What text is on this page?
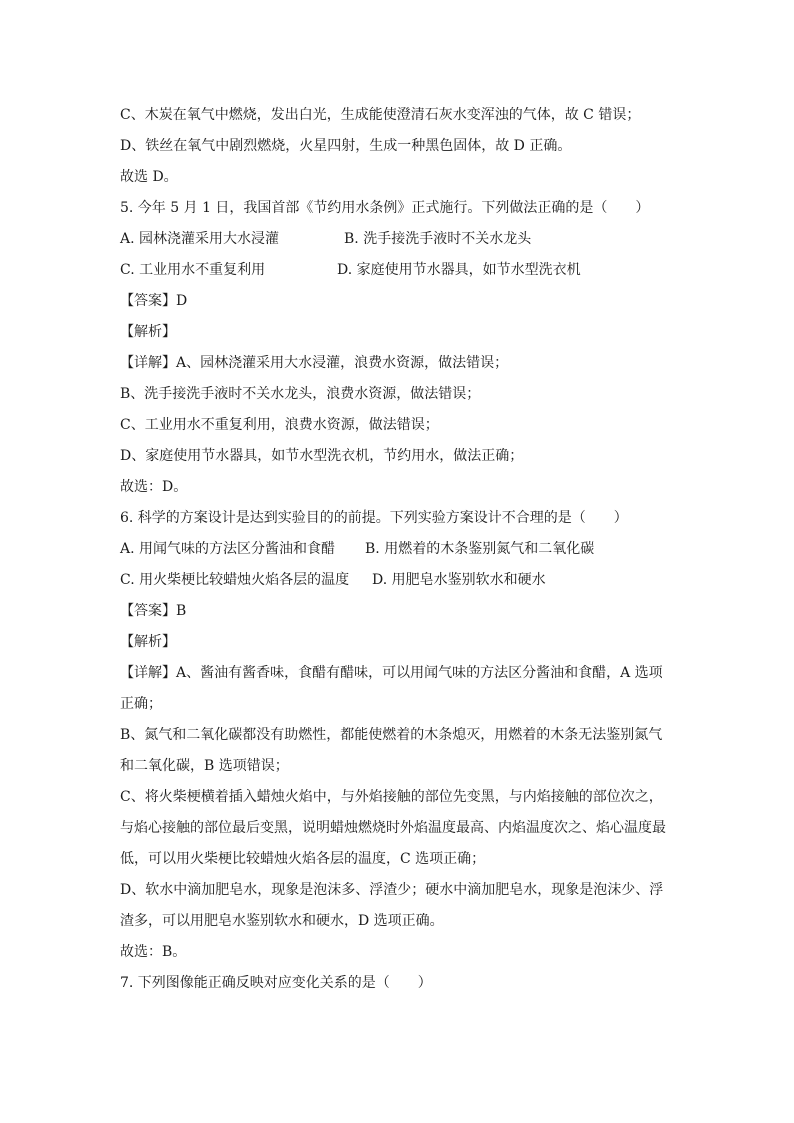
C、木炭在氧气中燃烧，发出白光，生成能使澄清石灰水变浑浊的气体，故 C 错误；
D、铁丝在氧气中剧烈燃烧，火星四射，生成一种黑色固体，故 D 正确。
故选 D。
5. 今年 5 月 1 日，我国首部《节约用水条例》正式施行。下列做法正确的是（　　）
A. 园林浇灌采用大水浸灌	B. 洗手接洗手液时不关水龙头
C. 工业用水不重复利用	D. 家庭使用节水器具，如节水型洗衣机
【答案】D
【解析】
【详解】A、园林浇灌采用大水浸灌，浪费水资源，做法错误；
B、洗手接洗手液时不关水龙头，浪费水资源，做法错误；
C、工业用水不重复利用，浪费水资源，做法错误；
D、家庭使用节水器具，如节水型洗衣机，节约用水，做法正确；
故选：D。
6. 科学的方案设计是达到实验目的的前提。下列实验方案设计不合理的是（　　）
A. 用闻气味的方法区分酱油和食醋 B. 用燃着的木条鉴别氮气和二氧化碳
C. 用火柴梗比较蜡烛火焰各层的温度 D. 用肥皂水鉴别软水和硬水
【答案】B
【解析】
【详解】A、酱油有酱香味，食醋有醋味，可以用闻气味的方法区分酱油和食醋，A 选项
正确；
B、氮气和二氧化碳都没有助燃性，都能使燃着的木条熄灭，用燃着的木条无法鉴别氮气
和二氧化碳，B 选项错误；
C、将火柴梗横着插入蜡烛火焰中，与外焰接触的部位先变黑，与内焰接触的部位次之，
与焰心接触的部位最后变黑，说明蜡烛燃烧时外焰温度最高、内焰温度次之、焰心温度最
低，可以用火柴梗比较蜡烛火焰各层的温度，C 选项正确；
D、软水中滴加肥皂水，现象是泡沫多、浮渣少；硬水中滴加肥皂水，现象是泡沫少、浮
渣多，可以用肥皂水鉴别软水和硬水，D 选项正确。
故选：B。
7. 下列图像能正确反映对应变化关系的是（　　）
